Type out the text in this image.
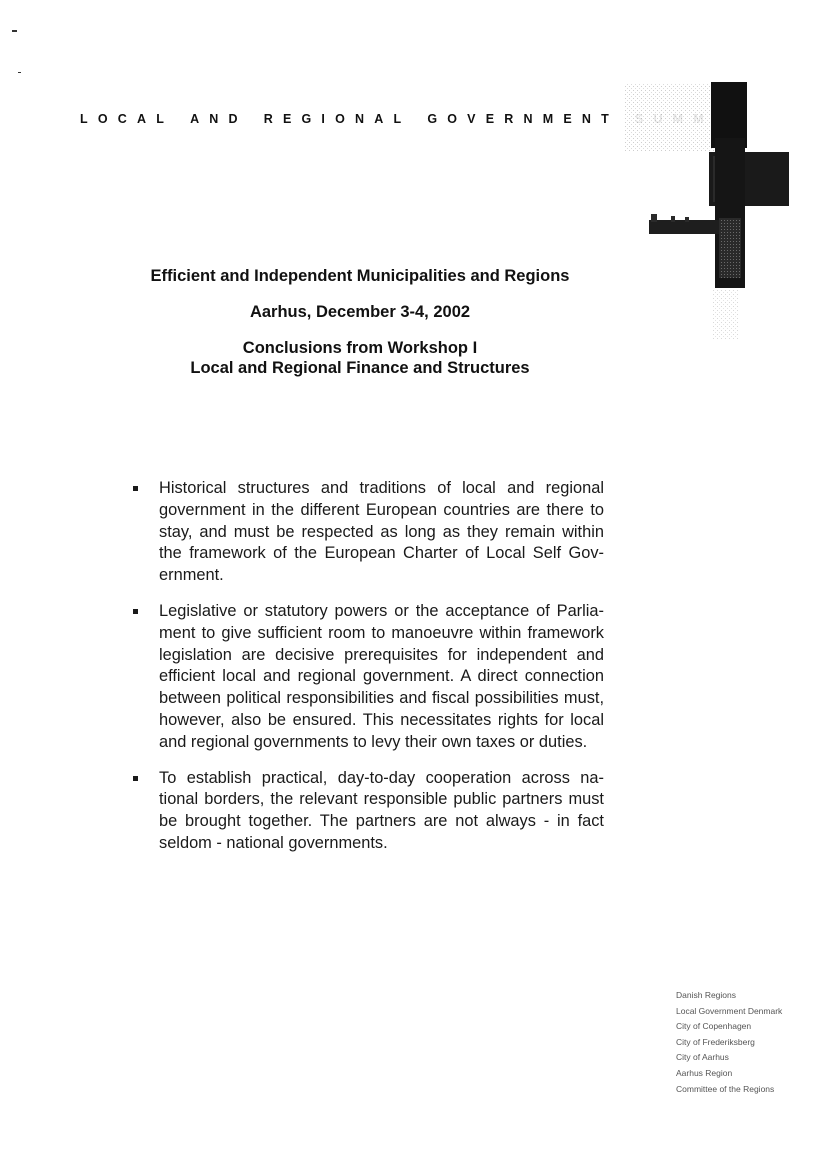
LOCAL AND REGIONAL GOVERNMENT
Efficient and Independent Municipalities and Regions
Aarhus, December 3-4, 2002
Conclusions from Workshop I
Local and Regional Finance and Structures
Historical structures and traditions of local and regional government in the different European countries are there to stay, and must be respected as long as they remain within the framework of the European Charter of Local Self Gov-ernment.
Legislative or statutory powers or the acceptance of Parlia-ment to give sufficient room to manoeuvre within framework legislation are decisive prerequisites for independent and efficient local and regional government. A direct connection between political responsibilities and fiscal possibilities must, however, also be ensured. This necessitates rights for local and regional governments to levy their own taxes or duties.
To establish practical, day-to-day cooperation across na-tional borders, the relevant responsible public partners must be brought together. The partners are not always - in fact seldom - national governments.
Danish Regions
Local Government Denmark
City of Copenhagen
City of Frederiksberg
City of Aarhus
Aarhus Region
Committee of the Regions
